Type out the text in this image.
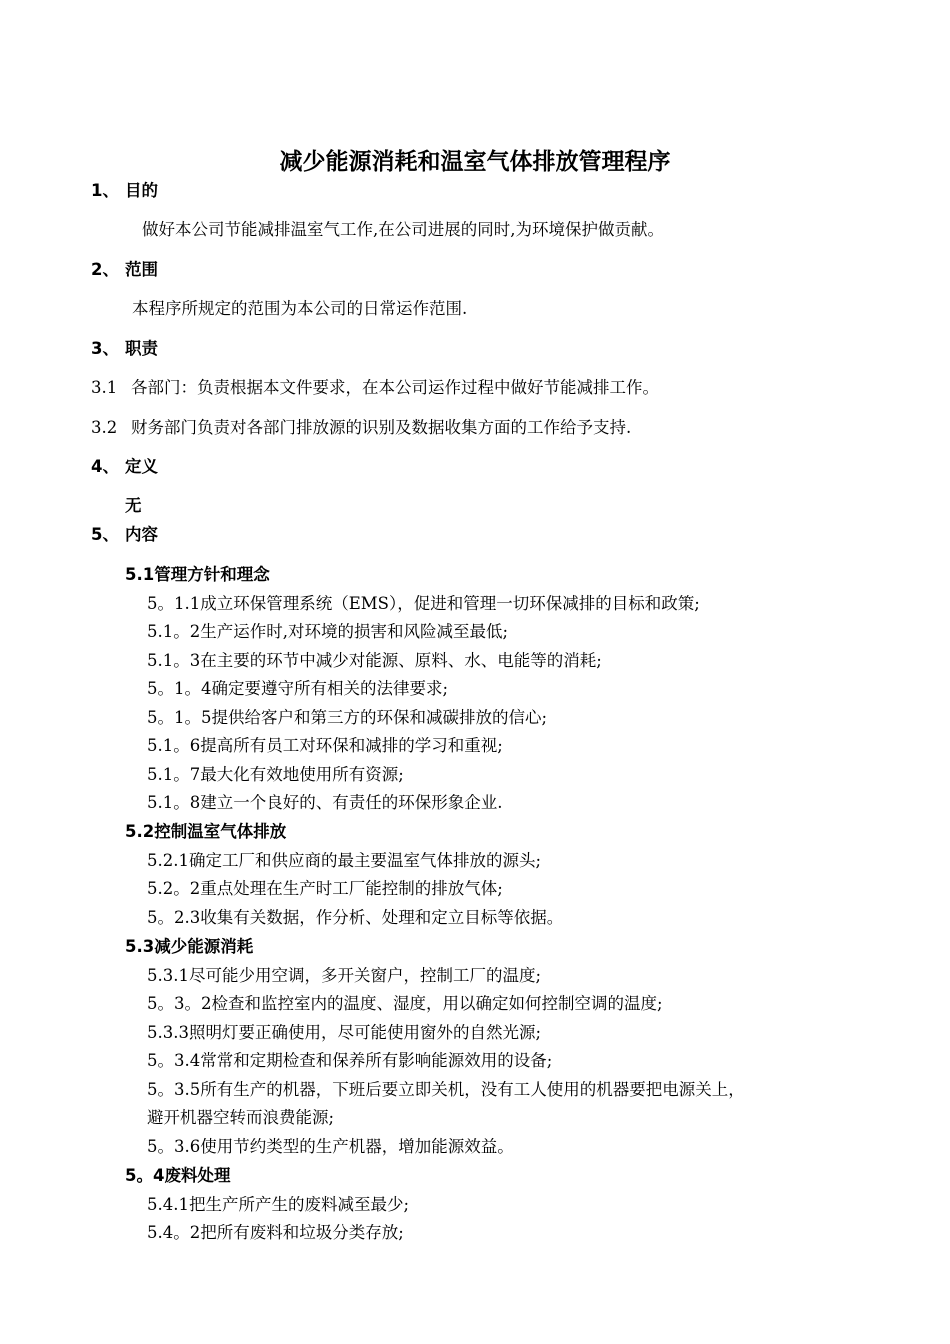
减少能源消耗和温室气体排放管理程序
1、 目的
做好本公司节能减排温室气工作,在公司进展的同时,为环境保护做贡献。
2、 范围
本程序所规定的范围为本公司的日常运作范围.
3、 职责
3.1 各部门：负责根据本文件要求，在本公司运作过程中做好节能减排工作。
3.2 财务部门负责对各部门排放源的识别及数据收集方面的工作给予支持.
4、 定义
无
5、 内容
5.1管理方针和理念
5。1.1成立环保管理系统（EMS），促进和管理一切环保减排的目标和政策;
5.1。2生产运作时,对环境的损害和风险减至最低;
5.1。3在主要的环节中减少对能源、原料、水、电能等的消耗;
5。1。4确定要遵守所有相关的法律要求;
5。1。5提供给客户和第三方的环保和减碳排放的信心;
5.1。6提高所有员工对环保和减排的学习和重视;
5.1。7最大化有效地使用所有资源;
5.1。8建立一个良好的、有责任的环保形象企业.
5.2控制温室气体排放
5.2.1确定工厂和供应商的最主要温室气体排放的源头;
5.2。2重点处理在生产时工厂能控制的排放气体;
5。2.3收集有关数据，作分析、处理和定立目标等依据。
5.3减少能源消耗
5.3.1尽可能少用空调，多开关窗户，控制工厂的温度;
5。3。2检查和监控室内的温度、湿度，用以确定如何控制空调的温度;
5.3.3照明灯要正确使用，尽可能使用窗外的自然光源;
5。3.4常常和定期检查和保养所有影响能源效用的设备;
5。3.5所有生产的机器，下班后要立即关机，没有工人使用的机器要把电源关上，
避开机器空转而浪费能源;
5。3.6使用节约类型的生产机器，增加能源效益。
5。4废料处理
5.4.1把生产所产生的废料减至最少;
5.4。2把所有废料和垃圾分类存放;
